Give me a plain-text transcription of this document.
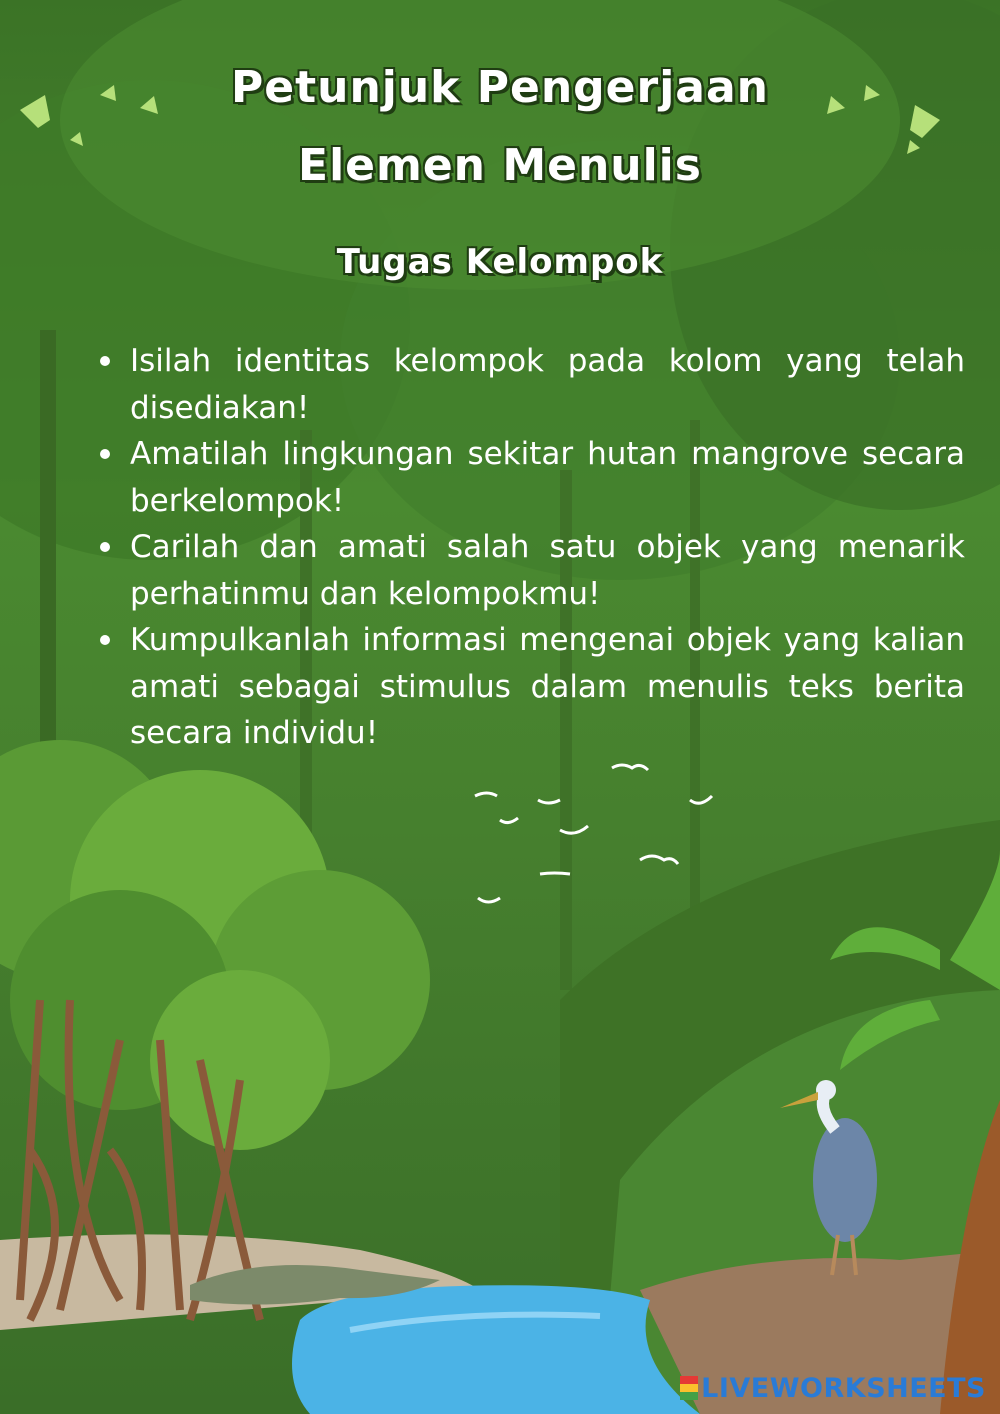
Petunjuk Pengerjaan
Elemen Menulis
Tugas Kelompok
Isilah identitas kelompok pada kolom yang telah disediakan!
Amatilah lingkungan sekitar hutan mangrove secara berkelompok!
Carilah dan amati salah satu objek yang menarik perhatinmu dan kelompokmu!
Kumpulkanlah informasi mengenai objek yang kalian amati sebagai stimulus dalam menulis teks berita secara individu!
LIVEWORKSHEETS
